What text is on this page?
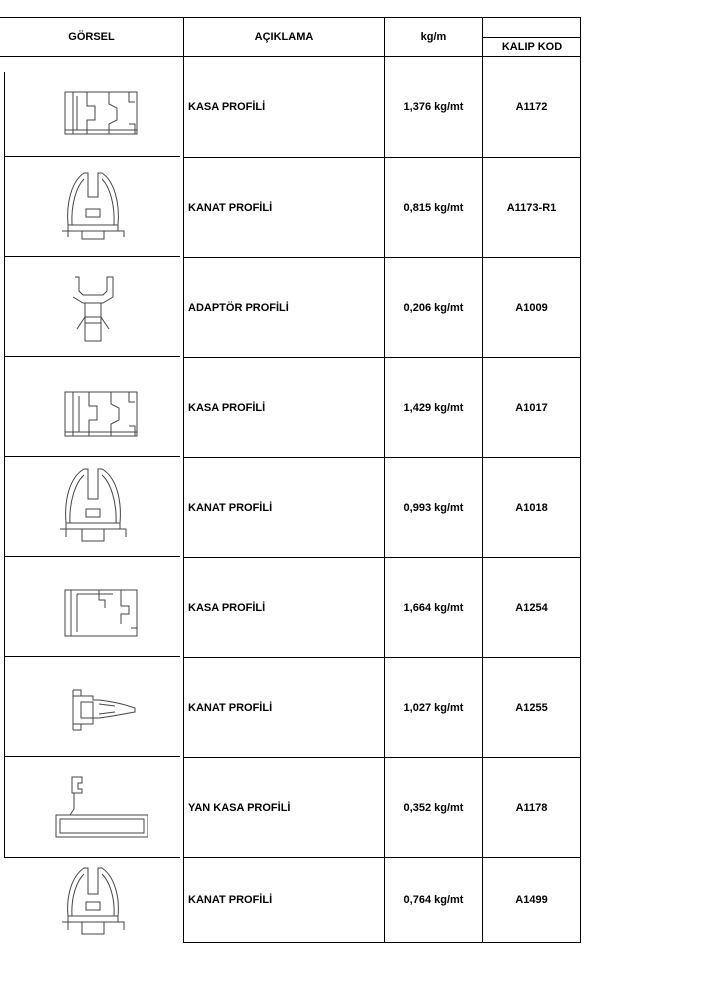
GÖRSEL	AÇIKLAMA	kg/m
KALIP KOD
KASA PROFİLİ	1,376 kg/mt	A1172
KANAT PROFİLİ	0,815 kg/mt	A1173-R1
ADAPTÖR PROFİLİ	0,206 kg/mt	A1009
KASA PROFİLİ	1,429 kg/mt	A1017
KANAT PROFİLİ	0,993 kg/mt	A1018
KASA PROFİLİ	1,664 kg/mt	A1254
KANAT PROFİLİ	1,027 kg/mt	A1255
YAN KASA PROFİLİ	0,352 kg/mt	A1178
KANAT PROFİLİ	0,764 kg/mt	A1499
